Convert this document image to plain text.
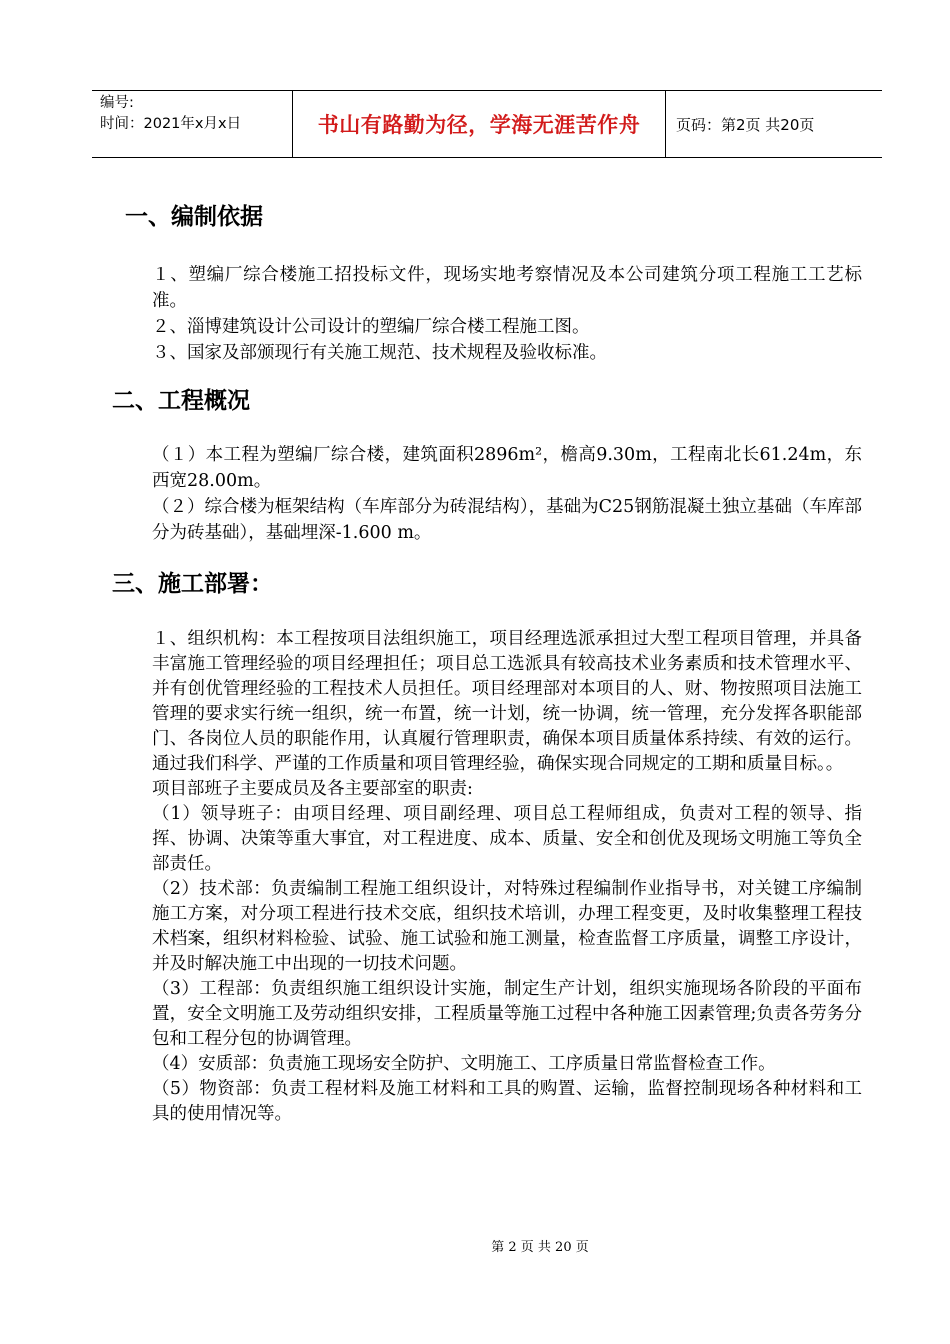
编号:
时间：2021年x月x日	书山有路勤为径，学海无涯苦作舟	页码：第2页 共20页
一、编制依据

１、塑编厂综合楼施工招投标文件，现场实地考察情况及本公司建筑分项工程施工工艺标准。

２、淄博建筑设计公司设计的塑编厂综合楼工程施工图。

３、国家及部颁现行有关施工规范、技术规程及验收标准。

二、工程概况

（１）本工程为塑编厂综合楼，建筑面积2896m²，檐高9.30m，工程南北长61.24m，东西宽28.00m。

（２）综合楼为框架结构（车库部分为砖混结构），基础为C25钢筋混凝土独立基础（车库部分为砖基础），基础埋深-1.600 m。

三、施工部署：

１、组织机构：本工程按项目法组织施工，项目经理选派承担过大型工程项目管理，并具备丰富施工管理经验的项目经理担任；项目总工选派具有较高技术业务素质和技术管理水平、并有创优管理经验的工程技术人员担任。项目经理部对本项目的人、财、物按照项目法施工管理的要求实行统一组织，统一布置，统一计划，统一协调，统一管理，充分发挥各职能部门、各岗位人员的职能作用，认真履行管理职责，确保本项目质量体系持续、有效的运行。通过我们科学、严谨的工作质量和项目管理经验，确保实现合同规定的工期和质量目标。。

项目部班子主要成员及各主要部室的职责:

（1）领导班子：由项目经理、项目副经理、项目总工程师组成，负责对工程的领导、指挥、协调、决策等重大事宜，对工程进度、成本、质量、安全和创优及现场文明施工等负全部责任。

（2）技术部：负责编制工程施工组织设计，对特殊过程编制作业指导书，对关键工序编制施工方案，对分项工程进行技术交底，组织技术培训，办理工程变更，及时收集整理工程技术档案，组织材料检验、试验、施工试验和施工测量，检查监督工序质量，调整工序设计，并及时解决施工中出现的一切技术问题。

（3）工程部：负责组织施工组织设计实施，制定生产计划，组织实施现场各阶段的平面布置，安全文明施工及劳动组织安排，工程质量等施工过程中各种施工因素管理;负责各劳务分包和工程分包的协调管理。

（4）安质部：负责施工现场安全防护、文明施工、工序质量日常监督检查工作。

（5）物资部：负责工程材料及施工材料和工具的购置、运输，监督控制现场各种材料和工具的使用情况等。

第 2 页 共 20 页
